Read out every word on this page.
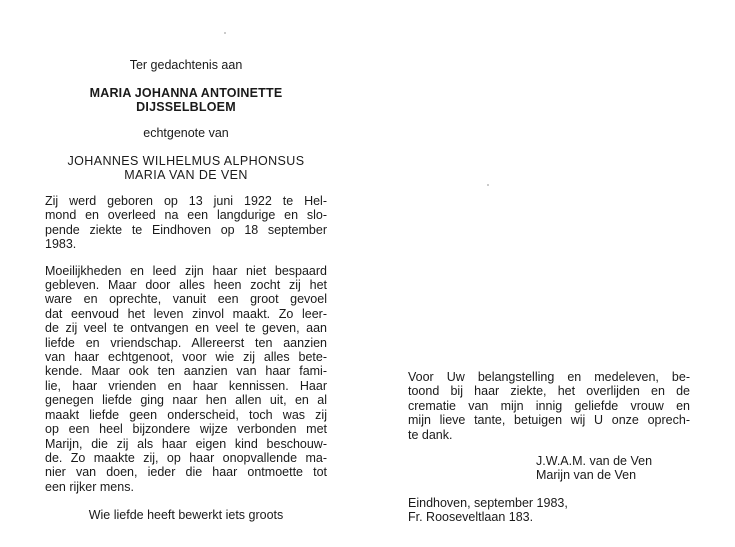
Ter gedachtenis aan
MARIA JOHANNA ANTOINETTE
DIJSSELBLOEM
echtgenote van
JOHANNES WILHELMUS ALPHONSUS
MARIA VAN DE VEN
Zij werd geboren op 13 juni 1922 te Hel-
mond en overleed na een langdurige en slo-
pende ziekte te Eindhoven op 18 september
1983.
Moeilijkheden en leed zijn haar niet bespaard
gebleven. Maar door alles heen zocht zij het
ware en oprechte, vanuit een groot gevoel
dat eenvoud het leven zinvol maakt. Zo leer-
de zij veel te ontvangen en veel te geven, aan
liefde en vriendschap. Allereerst ten aanzien
van haar echtgenoot, voor wie zij alles bete-
kende. Maar ook ten aanzien van haar fami-
lie, haar vrienden en haar kennissen. Haar
genegen liefde ging naar hen allen uit, en al
maakt liefde geen onderscheid, toch was zij
op een heel bijzondere wijze verbonden met
Marijn, die zij als haar eigen kind beschouw-
de. Zo maakte zij, op haar onopvallende ma-
nier van doen, ieder die haar ontmoette tot
een rijker mens.
Wie liefde heeft bewerkt iets groots
Voor Uw belangstelling en medeleven, be-
toond bij haar ziekte, het overlijden en de
crematie van mijn innig geliefde vrouw en
mijn lieve tante, betuigen wij U onze oprech-
te dank.
J.W.A.M. van de Ven
Marijn van de Ven
Eindhoven, september 1983,
Fr. Rooseveltlaan 183.
